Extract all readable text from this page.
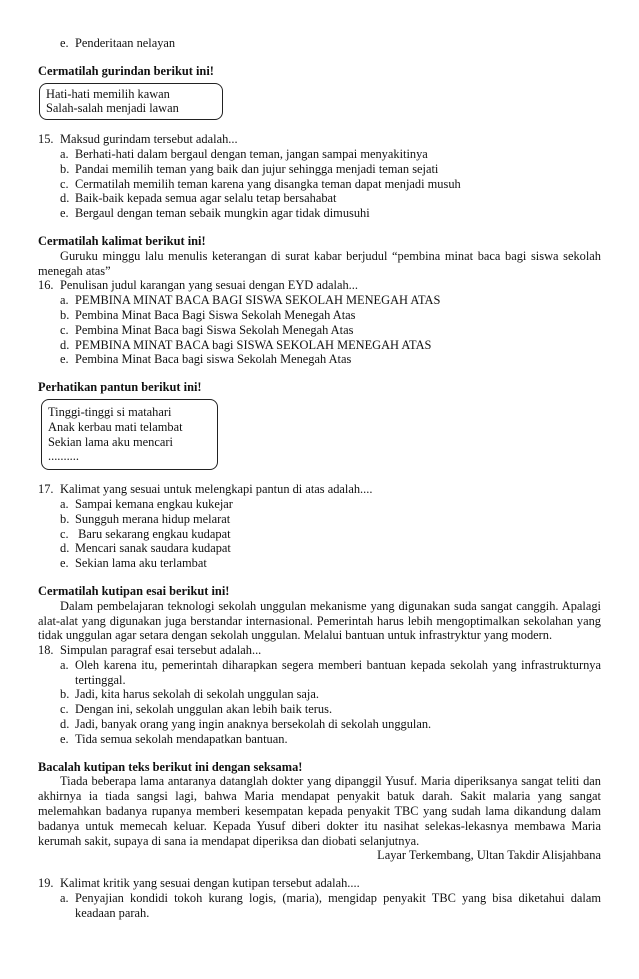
e. Penderitaan nelayan
Cermatilah gurindan berikut ini!
Hati-hati memilih kawan
Salah-salah menjadi lawan
15. Maksud gurindam tersebut adalah...
a. Berhati-hati dalam bergaul dengan teman, jangan sampai menyakitinya
b. Pandai memilih teman yang baik dan jujur sehingga menjadi teman sejati
c. Cermatilah memilih teman karena yang disangka teman dapat menjadi musuh
d. Baik-baik kepada semua agar selalu tetap bersahabat
e. Bergaul dengan teman sebaik mungkin agar tidak dimusuhi
Cermatilah kalimat berikut ini!
Guruku minggu lalu menulis keterangan di surat kabar berjudul “pembina minat baca bagi siswa sekolah menegah atas”
16. Penulisan judul karangan yang sesuai dengan EYD adalah...
a. PEMBINA MINAT BACA BAGI SISWA SEKOLAH MENEGAH ATAS
b. Pembina Minat Baca Bagi Siswa Sekolah Menegah Atas
c. Pembina Minat Baca bagi Siswa Sekolah Menegah Atas
d. PEMBINA MINAT BACA bagi SISWA SEKOLAH MENEGAH ATAS
e. Pembina Minat Baca bagi siswa Sekolah Menegah Atas
Perhatikan pantun berikut ini!
Tinggi-tinggi si matahari
Anak kerbau mati telambat
Sekian lama aku mencari
..........
17. Kalimat yang sesuai untuk melengkapi pantun di atas adalah....
a. Sampai kemana engkau kukejar
b. Sungguh merana hidup melarat
c. Baru sekarang engkau kudapat
d. Mencari sanak saudara kudapat
e. Sekian lama aku terlambat
Cermatilah kutipan esai berikut ini!
Dalam pembelajaran teknologi sekolah unggulan mekanisme yang digunakan suda sangat canggih. Apalagi alat-alat yang digunakan juga berstandar internasional. Pemerintah harus lebih mengoptimalkan sekolahan yang tidak unggulan agar setara dengan sekolah unggulan. Melalui bantuan untuk infrastryktur yang modern.
18. Simpulan paragraf esai tersebut adalah...
a. Oleh karena itu, pemerintah diharapkan segera memberi bantuan kepada sekolah yang infrastrukturnya tertinggal.
b. Jadi, kita harus sekolah di sekolah unggulan saja.
c. Dengan ini, sekolah unggulan akan lebih baik terus.
d. Jadi, banyak orang yang ingin anaknya bersekolah di sekolah unggulan.
e. Tida semua sekolah mendapatkan bantuan.
Bacalah kutipan teks berikut ini dengan seksama!
Tiada beberapa lama antaranya datanglah dokter yang dipanggil Yusuf. Maria diperiksanya sangat teliti dan akhirnya ia tiada sangsi lagi, bahwa Maria mendapat penyakit batuk darah. Sakit malaria yang sangat melemahkan badanya rupanya memberi kesempatan kepada penyakit TBC yang sudah lama dikandung dalam badanya untuk memecah keluar. Kepada Yusuf diberi dokter itu nasihat selekas-lekasnya membawa Maria kerumah sakit, supaya di sana ia mendapat diperiksa dan diobati selanjutnya.
Layar Terkembang, Ultan Takdir Alisjahbana
19. Kalimat kritik yang sesuai dengan kutipan tersebut adalah....
a. Penyajian kondidi tokoh kurang logis, (maria), mengidap penyakit TBC yang bisa diketahui dalam keadaan parah.
